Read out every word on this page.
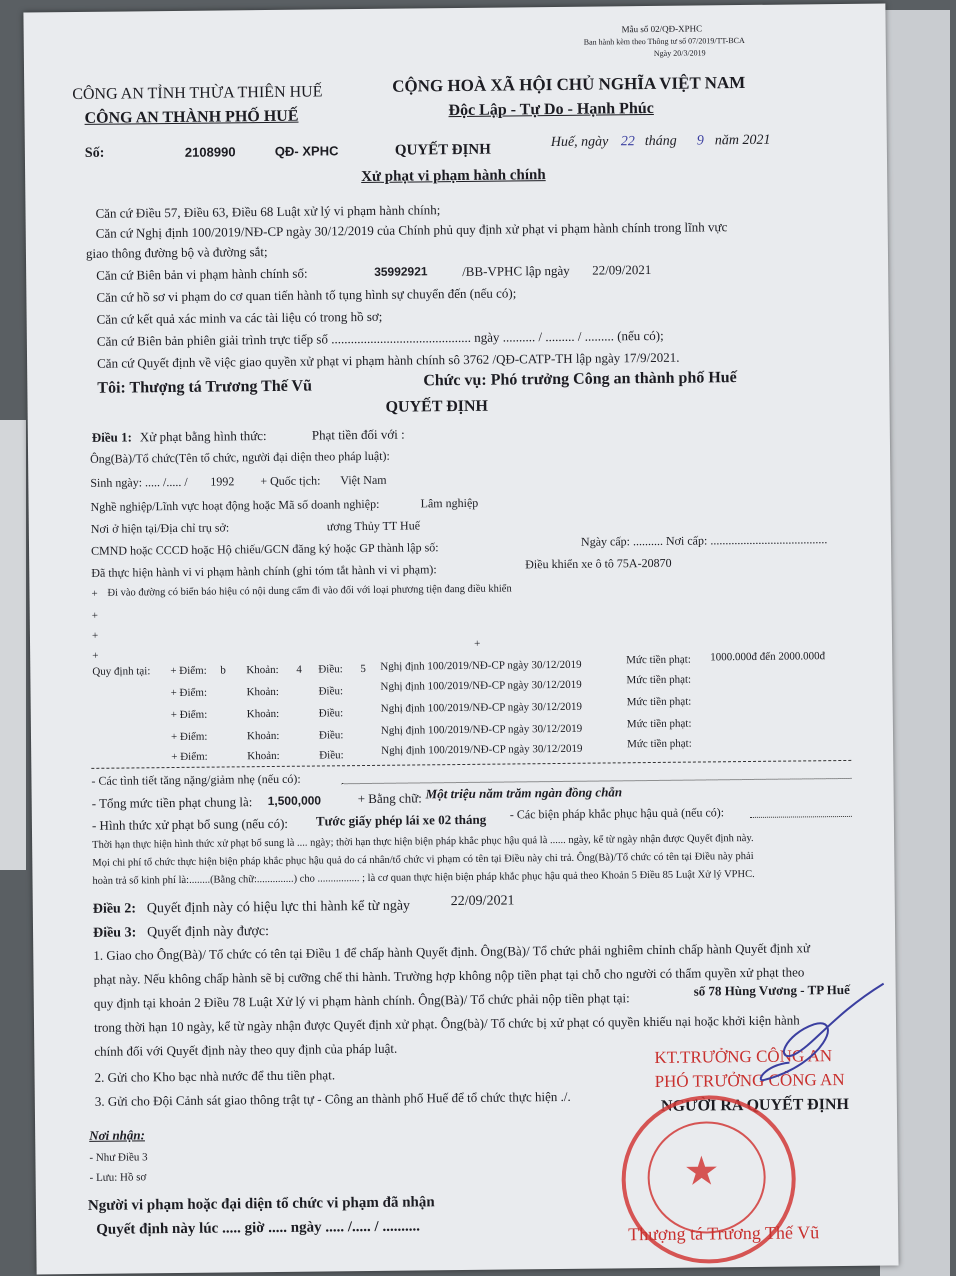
Mẫu số 02/QĐ-XPHC
Ban hành kèm theo Thông tư số 07/2019/TT-BCA
Ngày 20/3/2019
CÔNG AN TỈNH THỪA THIÊN HUẾ
CÔNG AN THÀNH PHỐ HUẾ
CỘNG HOÀ XÃ HỘI CHỦ NGHĨA VIỆT NAM
Độc Lập - Tự Do - Hạnh Phúc
Số:	2108990	QĐ- XPHC	QUYẾT ĐỊNH	Huế, ngày 22 tháng 9 năm 2021
Xử phạt vi phạm hành chính
Căn cứ Điều 57, Điều 63, Điều 68 Luật xử lý vi phạm hành chính;
Căn cứ Nghị định 100/2019/NĐ-CP ngày 30/12/2019 của Chính phủ quy định xử phạt vi phạm hành chính trong lĩnh vực
giao thông đường bộ và đường sắt;
Căn cứ Biên bản vi phạm hành chính số:	35992921	/BB-VPHC lập ngày 22/09/2021
Căn cứ hồ sơ vi phạm do cơ quan tiến hành tố tụng hình sự chuyển đến (nếu có);
Căn cứ kết quả xác minh va các tài liệu có trong hồ sơ;
Căn cứ Biên bản phiên giải trình trực tiếp số ........................................... ngày .......... / ......... / ......... (nếu có);
Căn cứ Quyết định về việc giao quyền xử phạt vi phạm hành chính sô 3762 /QĐ-CATP-TH lập ngày 17/9/2021.
Tôi: Thượng tá Trương Thế Vũ	Chức vụ: Phó trưởng Công an thành phố Huế
QUYẾT ĐỊNH
Điều 1: Xử phạt bằng hình thức:	Phạt tiền đối với :
Ông(Bà)/Tổ chức(Tên tổ chức, người đại diện theo pháp luật):
Sinh ngày: ..... /..... / 1992 + Quốc tịch: Việt Nam
Nghề nghiệp/Lĩnh vực hoạt động hoặc Mã số doanh nghiệp:	Lâm nghiệp
Nơi ở hiện tại/Địa chỉ trụ sở:	ương Thủy TT Huế
CMND hoặc CCCD hoặc Hộ chiếu/GCN đăng ký hoặc GP thành lập số:	Ngày cấp: .......... Nơi cấp: .......................................
Đã thực hiện hành vi vi phạm hành chính (ghi tóm tắt hành vi vi phạm):	Điều khiển xe ô tô 75A-20870
+ Đi vào đường có biển báo hiệu có nội dung cấm đi vào đối với loại phương tiện đang điều khiển
+
+
+
+
Quy định tại: + Điểm: b Khoản: 4 Điều: 5 Nghị định 100/2019/NĐ-CP ngày 30/12/2019	Mức tiền phạt: 1000.000đ đến 2000.000đ
+ Điểm:	Khoản:	Điều:	Nghị định 100/2019/NĐ-CP ngày 30/12/2019	Mức tiền phạt:
+ Điểm:	Khoản:	Điều:	Nghị định 100/2019/NĐ-CP ngày 30/12/2019	Mức tiền phạt:
+ Điểm:	Khoản:	Điều:	Nghị định 100/2019/NĐ-CP ngày 30/12/2019	Mức tiền phạt:
+ Điểm:	Khoản:	Điều:	Nghị định 100/2019/NĐ-CP ngày 30/12/2019	Mức tiền phạt:
- Các tình tiết tăng nặng/giảm nhẹ (nếu có):
- Tổng mức tiền phạt chung là: 1,500,000	+ Bằng chữ: Một triệu năm trăm ngàn đồng chẵn
- Hình thức xử phạt bổ sung (nếu có): Tước giấy phép lái xe 02 tháng - Các biện pháp khắc phục hậu quả (nếu có):
Thời hạn thực hiện hình thức xử phạt bổ sung là .... ngày; thời hạn thực hiện biện pháp khắc phục hậu quả là ...... ngày, kể từ ngày nhận được Quyết định này.
Mọi chi phí tổ chức thực hiện biện pháp khắc phục hậu quả do cá nhân/tổ chức vi phạm có tên tại Điều này chi trả. Ông(Bà)/Tổ chức có tên tại Điều này phải
hoàn trả số kinh phí là:........(Bằng chữ:..............) cho ................ ; là cơ quan thực hiện biện pháp khắc phục hậu quả theo Khoản 5 Điều 85 Luật Xử lý VPHC.
Điều 2: Quyết định này có hiệu lực thi hành kể từ ngày	22/09/2021
Điều 3: Quyết định này được:
1. Giao cho Ông(Bà)/ Tổ chức có tên tại Điều 1 để chấp hành Quyết định. Ông(Bà)/ Tổ chức phải nghiêm chỉnh chấp hành Quyết định xử
phạt này. Nếu không chấp hành sẽ bị cưỡng chế thi hành. Trường hợp không nộp tiền phạt tại chỗ cho người có thẩm quyền xử phạt theo
quy định tại khoản 2 Điều 78 Luật Xử lý vi phạm hành chính. Ông(Bà)/ Tổ chức phải nộp tiền phạt tại:	số 78 Hùng Vương - TP Huế
trong thời hạn 10 ngày, kể từ ngày nhận được Quyết định xử phạt. Ông(bà)/ Tổ chức bị xử phạt có quyền khiếu nại hoặc khởi kiện hành
chính đối với Quyết định này theo quy định của pháp luật.
2. Gửi cho Kho bạc nhà nước để thu tiền phạt.
3. Gửi cho Đội Cảnh sát giao thông trật tự - Công an thành phố Huế để tổ chức thực hiện ./.
Nơi nhận:
- Như Điều 3
- Lưu: Hồ sơ
Người vi phạm hoặc đại diện tổ chức vi phạm đã nhận
Quyết định này lúc ..... giờ ..... ngày ..... /..... / ..........
KT.TRƯỞNG CÔNG AN
PHÓ TRƯỞNG CÔNG AN
NGƯỜI RA QUYẾT ĐỊNH
★
Thượng tá Trương Thế Vũ
